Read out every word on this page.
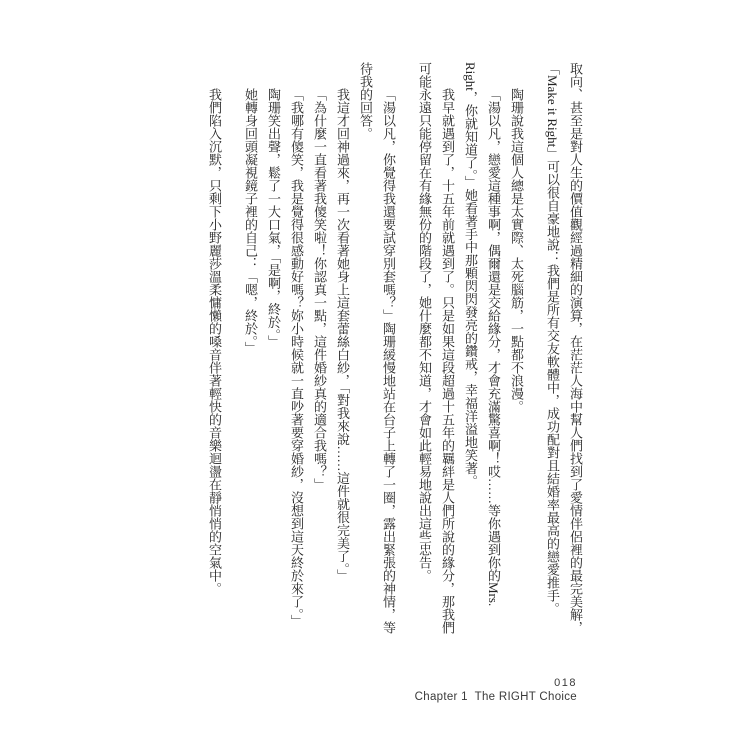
取向、甚至是對人生的價值觀經過精細的演算，在茫茫人海中幫人們找到了愛情伴侶裡的最完美解，「Make it Right」可以很自豪地說：我們是所有交友軟體中，成功配對且結婚率最高的戀愛推手。

陶珊說我這個人總是太實際、太死腦筋，一點都不浪漫。

「湯以凡，戀愛這種事啊，偶爾還是交給緣分，才會充滿驚喜啊！哎……等你遇到你的Mrs. Right，你就知道了。」她看著手中那顆閃閃發亮的鑽戒，幸福洋溢地笑著。

我早就遇到了，十五年前就遇到了。只是如果這段超過十五年的羈絆是人們所說的緣分，那我們可能永遠只能停留在有緣無份的階段了，她什麼都不知道，才會如此輕易地說出這些忠告。

「湯以凡，你覺得我還要試穿別套嗎？」陶珊緩慢地站在台子上轉了一圈，露出緊張的神情，等待我的回答。

我這才回神過來，再一次看著她身上這套蕾絲白紗，「對我來說……這件就很完美了。」

「為什麼一直看著我傻笑啦！你認真一點，這件婚紗真的適合我嗎？」

「我哪有傻笑，我是覺得很感動好嗎？妳小時候就一直吵著要穿婚紗，沒想到這天終於來了。」

陶珊笑出聲，鬆了一大口氣，「是啊，終於。」

她轉身回頭凝視鏡子裡的自己：「嗯，終於。」

我們陷入沉默，只剩下小野麗莎溫柔慵懶的嗓音伴著輕快的音樂迴盪在靜悄悄的空氣中。

018
Chapter 1  The RIGHT Choice
